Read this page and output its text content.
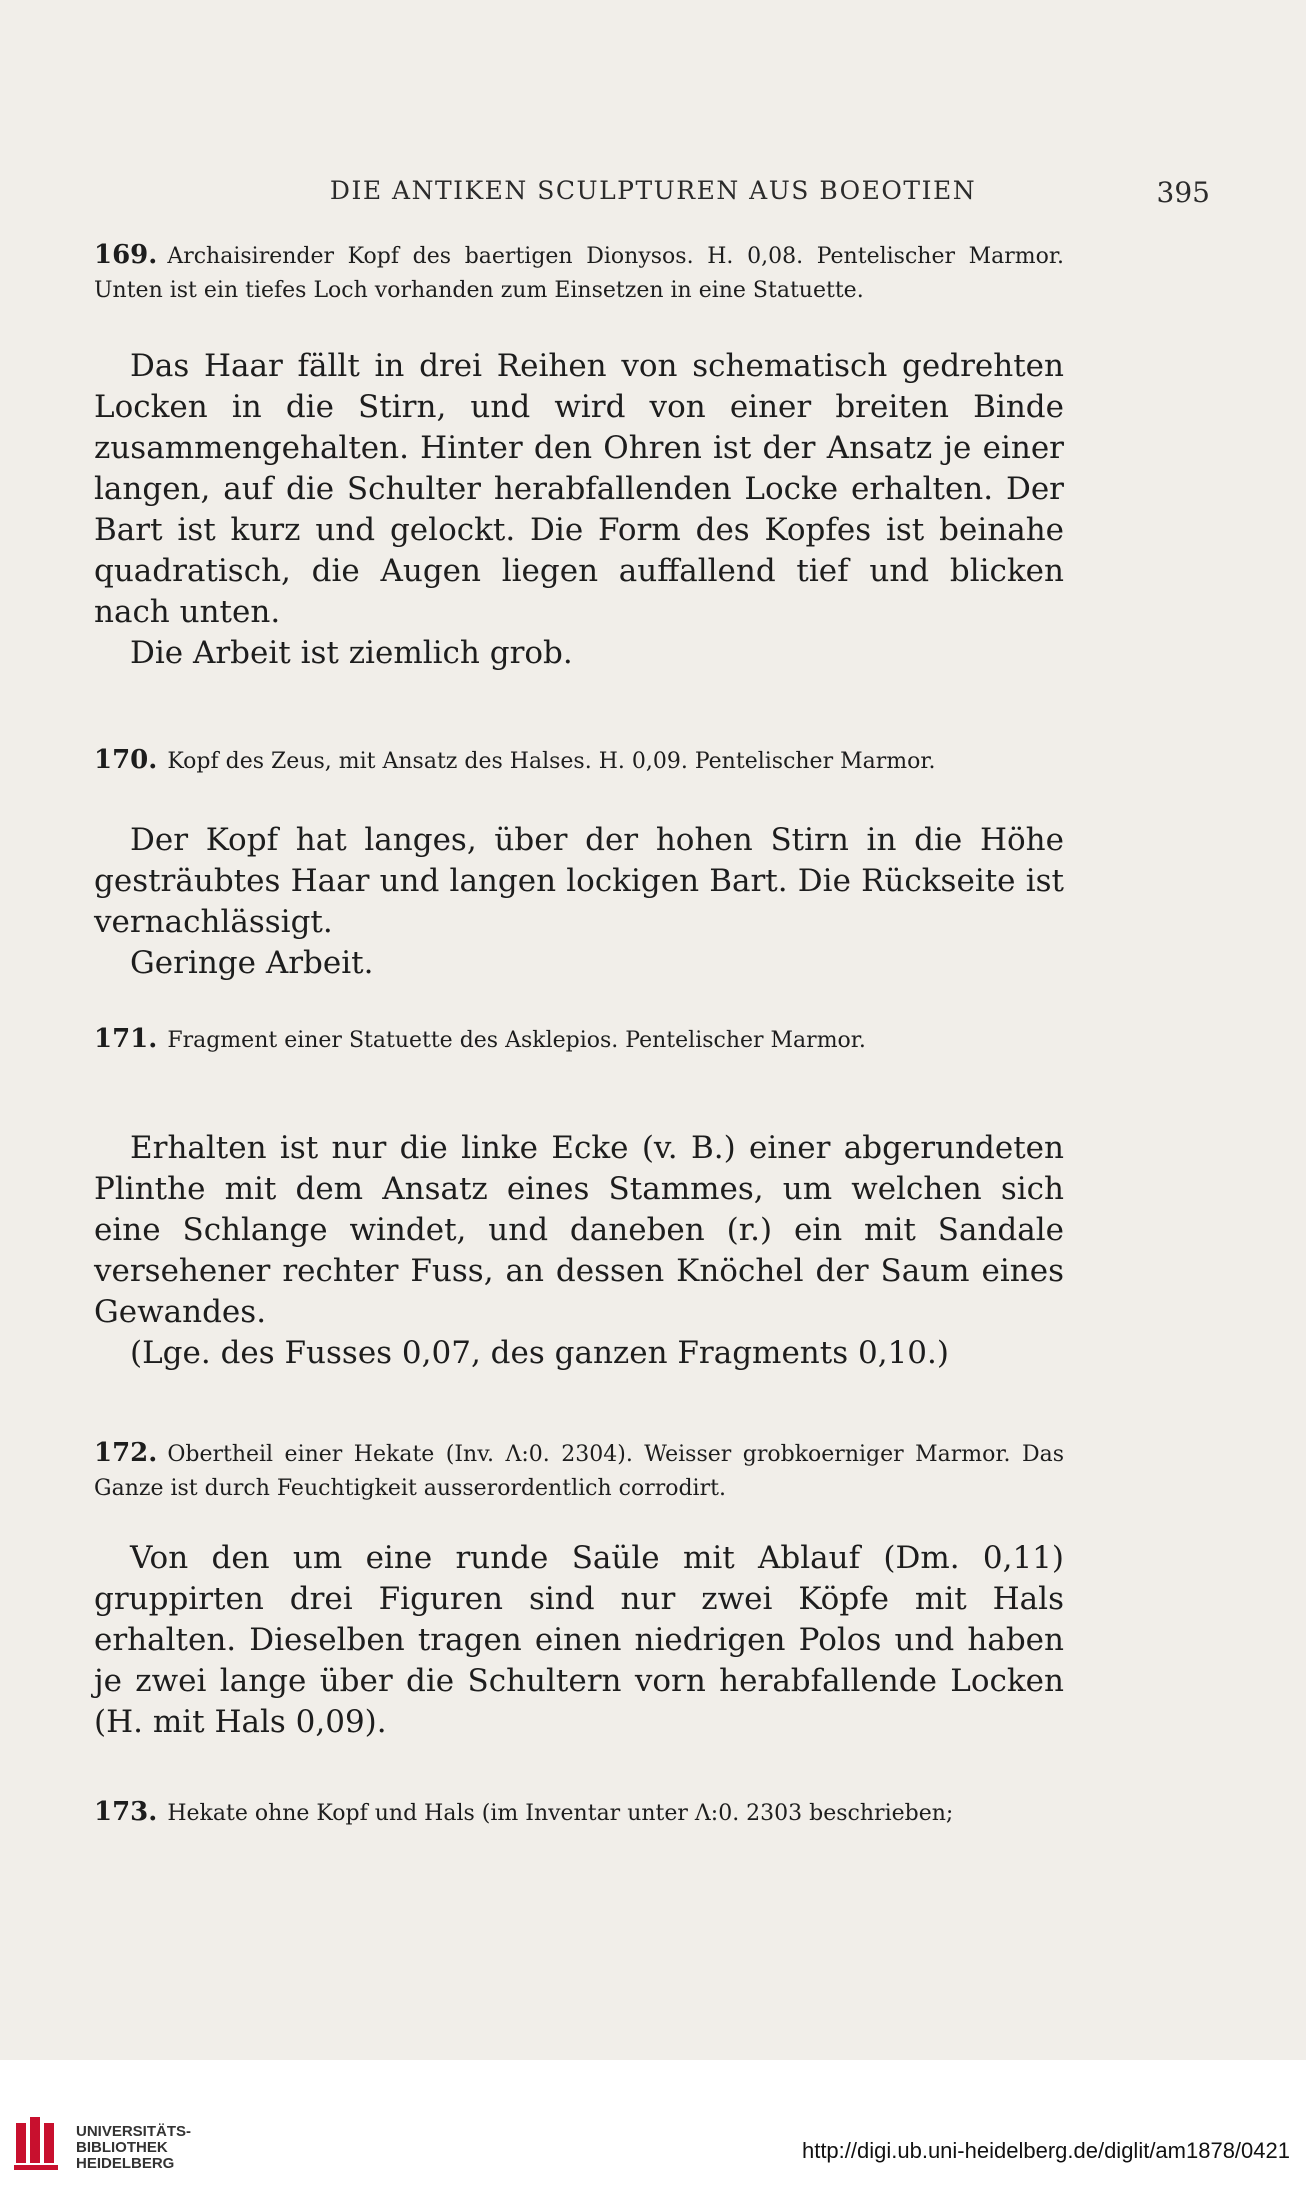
DIE ANTIKEN SCULPTUREN AUS BOEOTIEN	395
169. Archaisirender Kopf des baertigen Dionysos. H. 0,08. Pentelischer Marmor. Unten ist ein tiefes Loch vorhanden zum Einsetzen in eine Statuette.

Das Haar fällt in drei Reihen von schematisch gedrehten Locken in die Stirn, und wird von einer breiten Binde zusammengehalten. Hinter den Ohren ist der Ansatz je einer langen, auf die Schulter herabfallenden Locke erhalten. Der Bart ist kurz und gelockt. Die Form des Kopfes ist beinahe quadratisch, die Augen liegen auffallend tief und blicken nach unten.

Die Arbeit ist ziemlich grob.

170. Kopf des Zeus, mit Ansatz des Halses. H. 0,09. Pentelischer Marmor.

Der Kopf hat langes, über der hohen Stirn in die Höhe gesträubtes Haar und langen lockigen Bart. Die Rückseite ist vernachlässigt.

Geringe Arbeit.

171. Fragment einer Statuette des Asklepios. Pentelischer Marmor.

Erhalten ist nur die linke Ecke (v. B.) einer abgerundeten Plinthe mit dem Ansatz eines Stammes, um welchen sich eine Schlange windet, und daneben (r.) ein mit Sandale versehener rechter Fuss, an dessen Knöchel der Saum eines Gewandes.

(Lge. des Fusses 0,07, des ganzen Fragments 0,10.)

172. Obertheil einer Hekate (Inv. Λ:0. 2304). Weisser grobkoerniger Marmor. Das Ganze ist durch Feuchtigkeit ausserordentlich corrodirt.

Von den um eine runde Saüle mit Ablauf (Dm. 0,11) gruppirten drei Figuren sind nur zwei Köpfe mit Hals erhalten. Dieselben tragen einen niedrigen Polos und haben je zwei lange über die Schultern vorn herabfallende Locken (H. mit Hals 0,09).

173. Hekate ohne Kopf und Hals (im Inventar unter Λ:0. 2303 beschrieben;
UNIVERSITÄTS-
BIBLIOTHEK
HEIDELBERG
http://digi.ub.uni-heidelberg.de/diglit/am1878/0421
